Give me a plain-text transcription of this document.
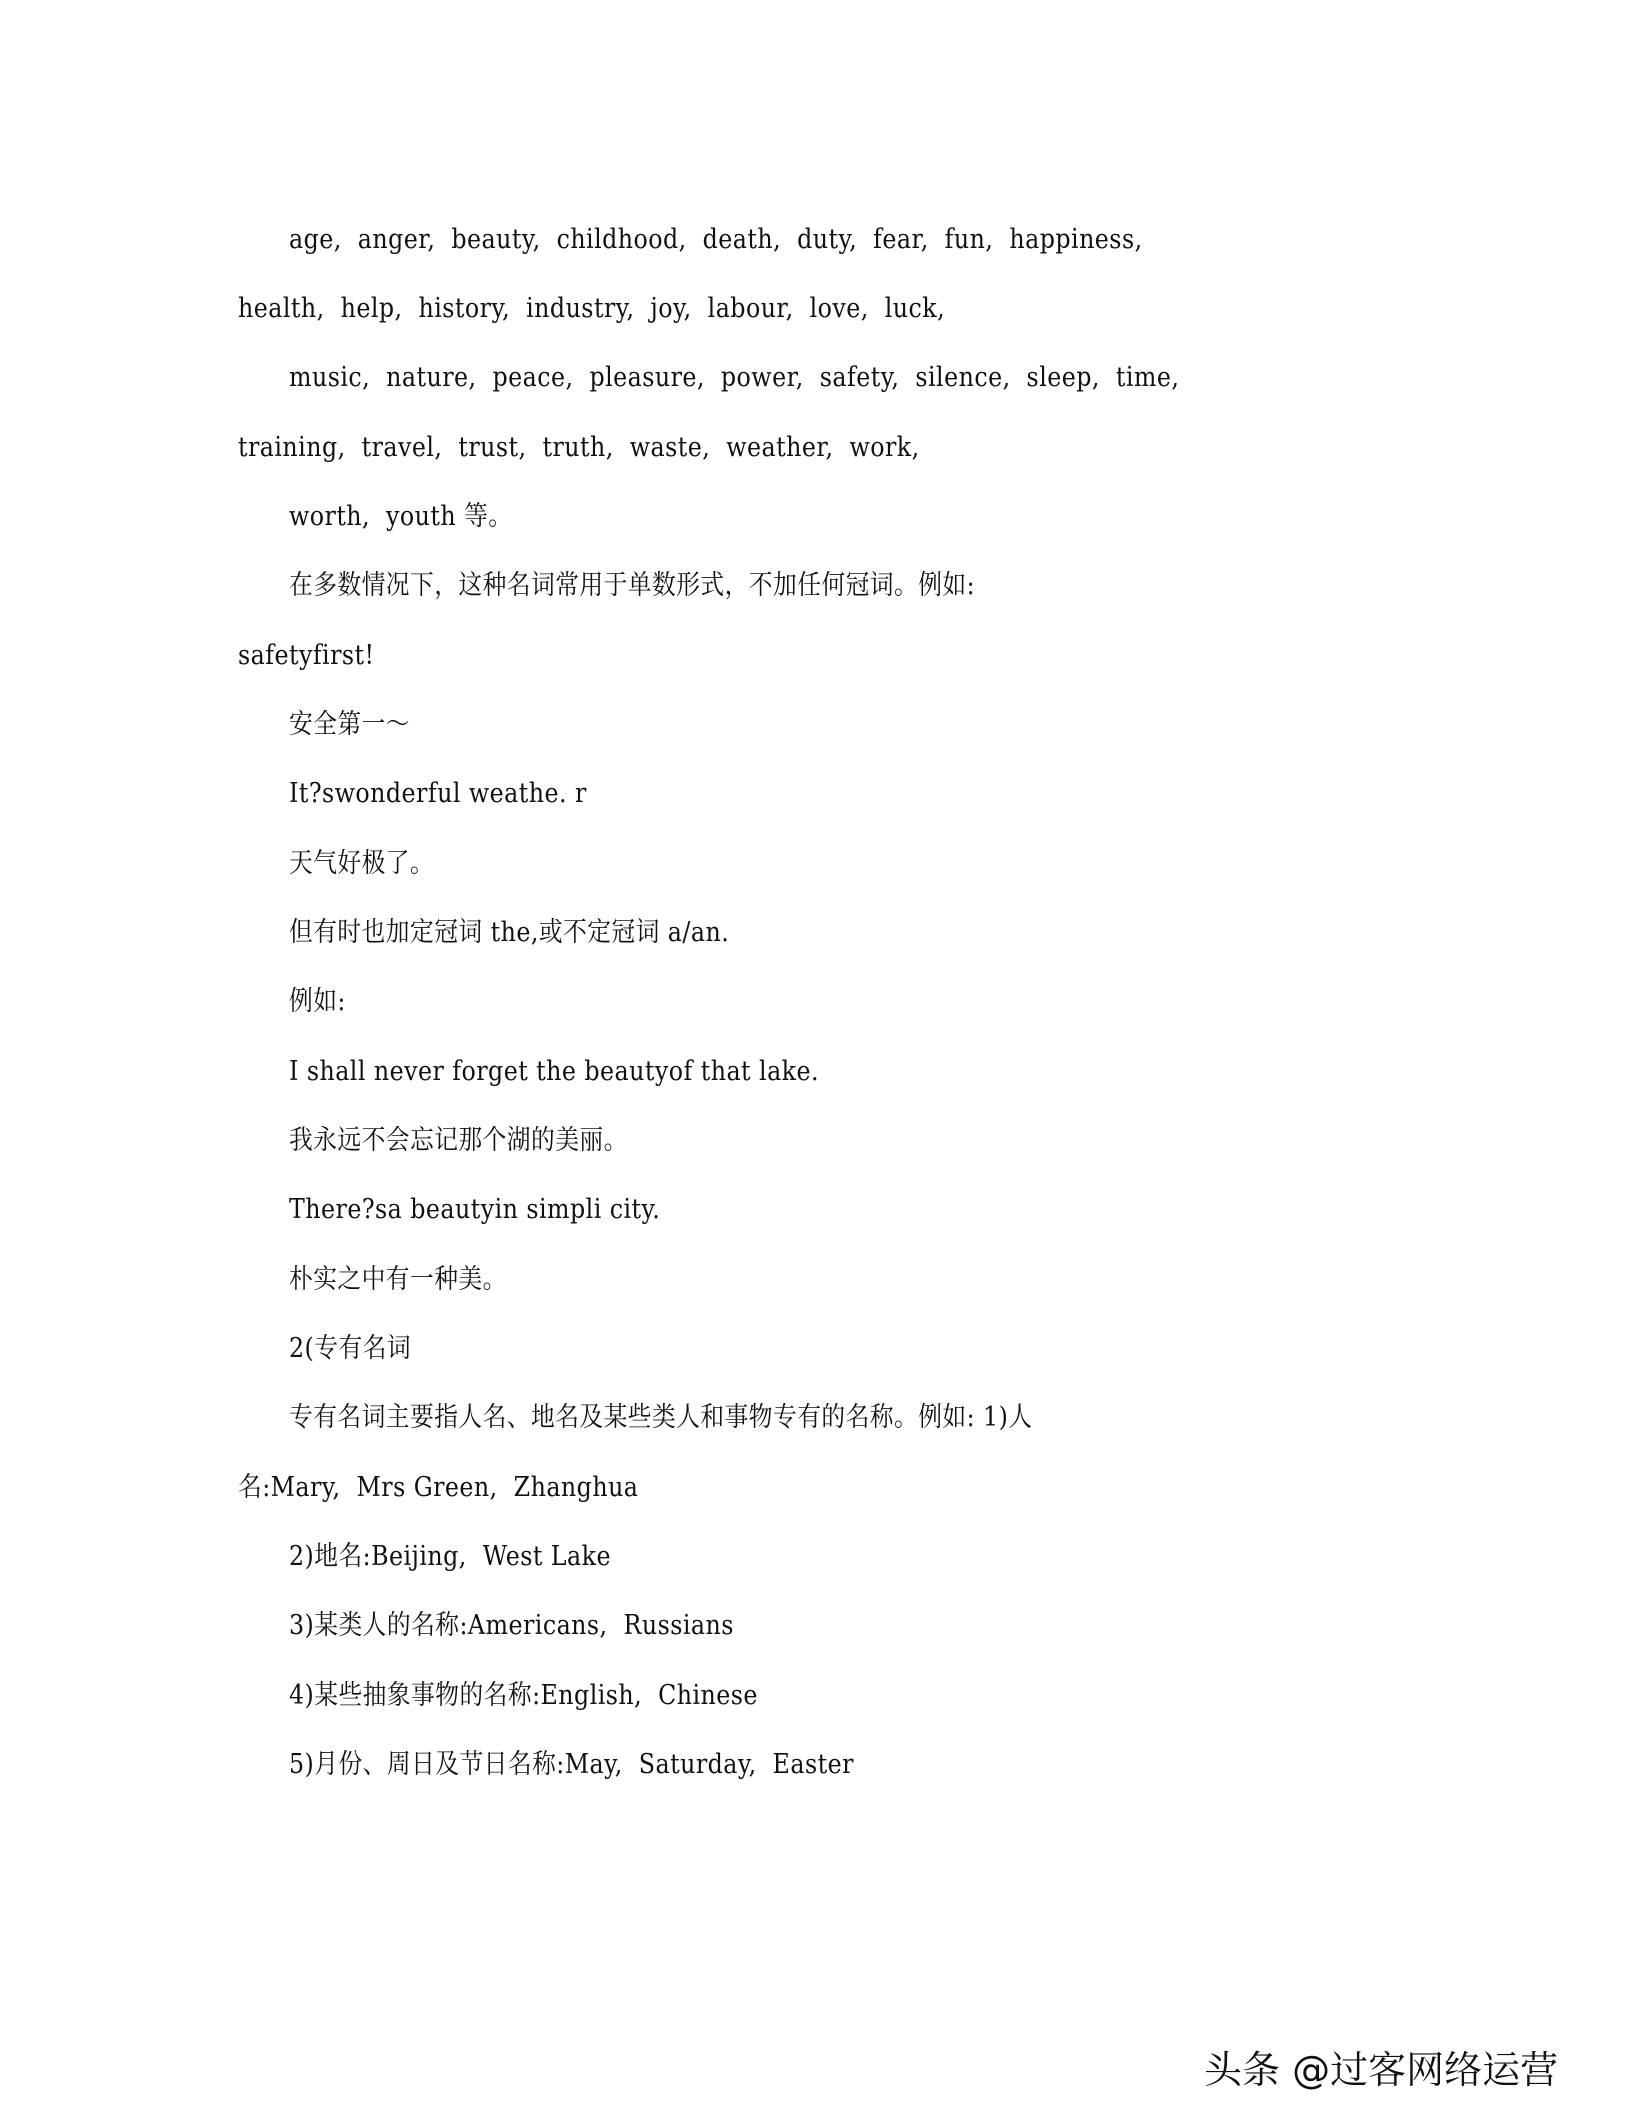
age,  anger,  beauty,  childhood,  death,  duty,  fear,  fun,  happiness,
health,  help,  history,  industry,  joy,  labour,  love,  luck,
music,  nature,  peace,  pleasure,  power,  safety,  silence,  sleep,  time,
training,  travel,  trust,  truth,  waste,  weather,  work,
worth,  youth 等。
在多数情况下，这种名词常用于单数形式，不加任何冠词。例如:
safetyfirst!
安全第一～
It?swonderful weathe. r
天气好极了。
但有时也加定冠词 the,或不定冠词 a/an.
例如:
I shall never forget the beautyof that lake.
我永远不会忘记那个湖的美丽。
There?sa beautyin simpli city.
朴实之中有一种美。
2(专有名词
专有名词主要指人名、地名及某些类人和事物专有的名称。例如: 1)人
名:Mary,  Mrs Green,  Zhanghua
2)地名:Beijing,  West Lake
3)某类人的名称:Americans,  Russians
4)某些抽象事物的名称:English,  Chinese
5)月份、周日及节日名称:May,  Saturday,  Easter
头条 @过客网络运营
